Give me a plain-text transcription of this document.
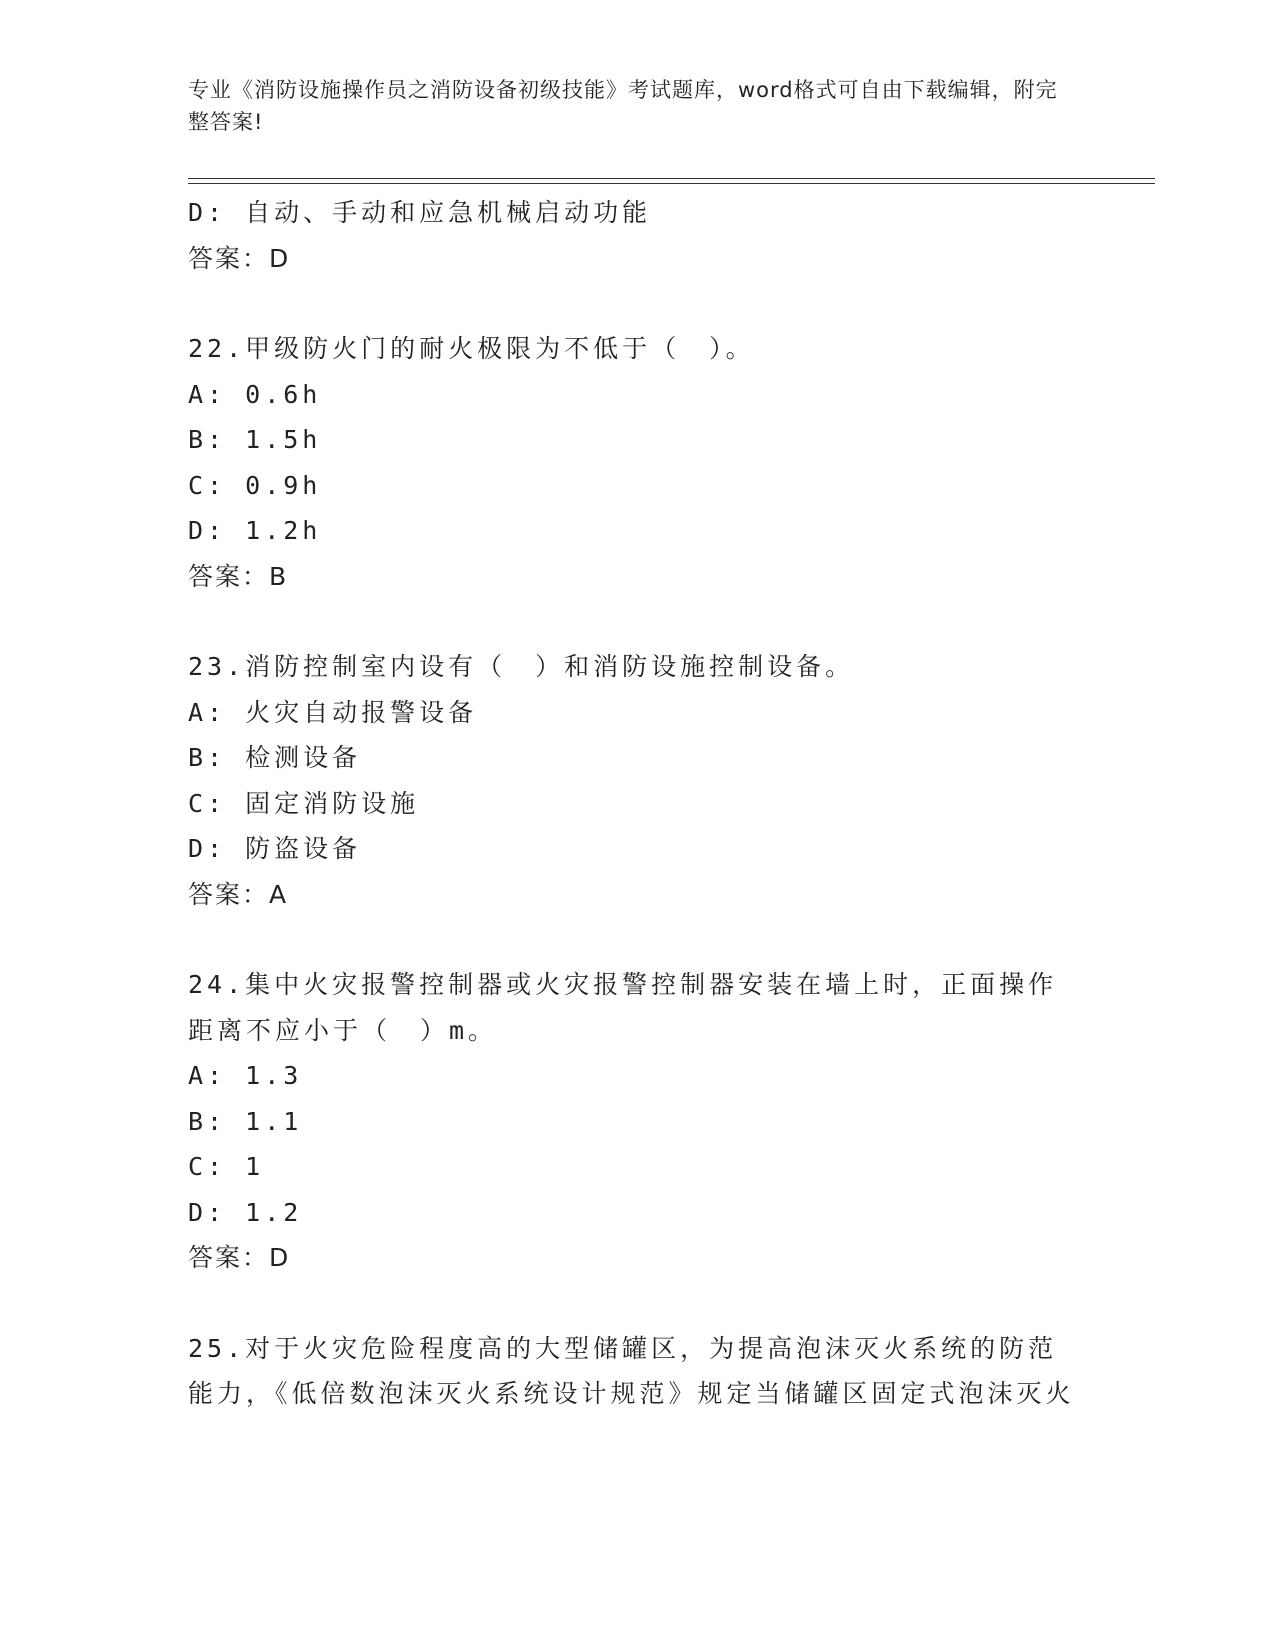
专业《消防设施操作员之消防设备初级技能》考试题库，word格式可自由下载编辑，附完整答案!
D: 自动、手动和应急机械启动功能
答案：D
22.甲级防火门的耐火极限为不低于（　）。
A: 0.6h
B: 1.5h
C: 0.9h
D: 1.2h
答案：B
23.消防控制室内设有（　）和消防设施控制设备。
A: 火灾自动报警设备
B: 检测设备
C: 固定消防设施
D: 防盗设备
答案：A
24.集中火灾报警控制器或火灾报警控制器安装在墙上时，正面操作距离不应小于（　）m。
A: 1.3
B: 1.1
C: 1
D: 1.2
答案：D
25.对于火灾危险程度高的大型储罐区，为提高泡沫灭火系统的防范能力，《低倍数泡沫灭火系统设计规范》规定当储罐区固定式泡沫灭火
